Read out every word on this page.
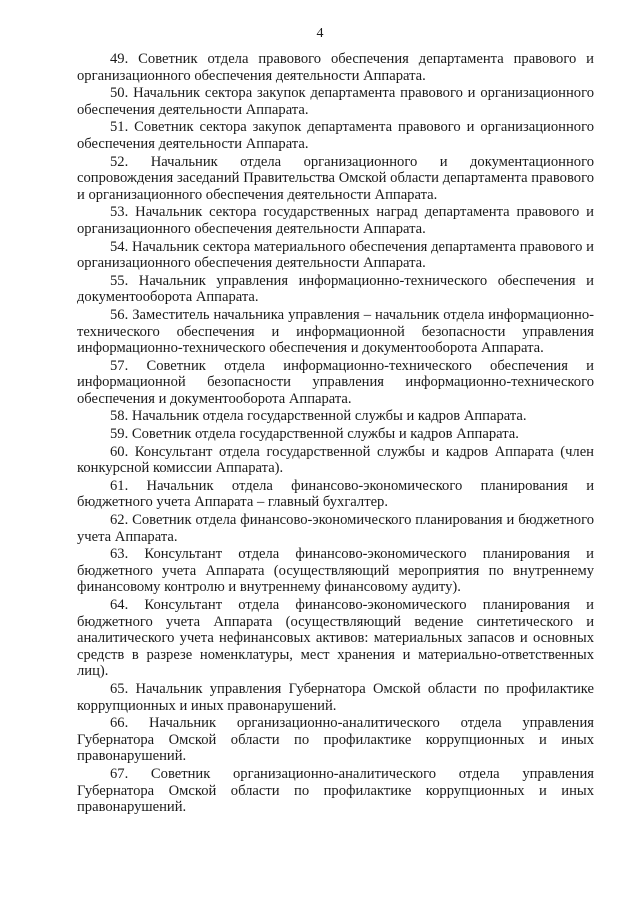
4

49. Советник отдела правового обеспечения департамента правового и организационного обеспечения деятельности Аппарата.

50. Начальник сектора закупок департамента правового и организационного обеспечения деятельности Аппарата.

51. Советник сектора закупок департамента правового и организационного обеспечения деятельности Аппарата.

52. Начальник отдела организационного и документационного сопровождения заседаний Правительства Омской области департамента правового и организационного обеспечения деятельности Аппарата.

53. Начальник сектора государственных наград департамента правового и организационного обеспечения деятельности Аппарата.

54. Начальник сектора материального обеспечения департамента правового и организационного обеспечения деятельности Аппарата.

55. Начальник управления информационно-технического обеспечения и документооборота Аппарата.

56. Заместитель начальника управления – начальник отдела информационно-технического обеспечения и информационной безопасности управления информационно-технического обеспечения и документооборота Аппарата.

57. Советник отдела информационно-технического обеспечения и информационной безопасности управления информационно-технического обеспечения и документооборота Аппарата.

58. Начальник отдела государственной службы и кадров Аппарата.

59. Советник отдела государственной службы и кадров Аппарата.

60. Консультант отдела государственной службы и кадров Аппарата (член конкурсной комиссии Аппарата).

61. Начальник отдела финансово-экономического планирования и бюджетного учета Аппарата – главный бухгалтер.

62. Советник отдела финансово-экономического планирования и бюджетного учета Аппарата.

63. Консультант отдела финансово-экономического планирования и бюджетного учета Аппарата (осуществляющий мероприятия по внутреннему финансовому контролю и внутреннему финансовому аудиту).

64. Консультант отдела финансово-экономического планирования и бюджетного учета Аппарата (осуществляющий ведение синтетического и аналитического учета нефинансовых активов: материальных запасов и основных средств в разрезе номенклатуры, мест хранения и материально-ответственных лиц).

65. Начальник управления Губернатора Омской области по профилактике коррупционных и иных правонарушений.

66. Начальник организационно-аналитического отдела управления Губернатора Омской области по профилактике коррупционных и иных правонарушений.

67. Советник организационно-аналитического отдела управления Губернатора Омской области по профилактике коррупционных и иных правонарушений.
